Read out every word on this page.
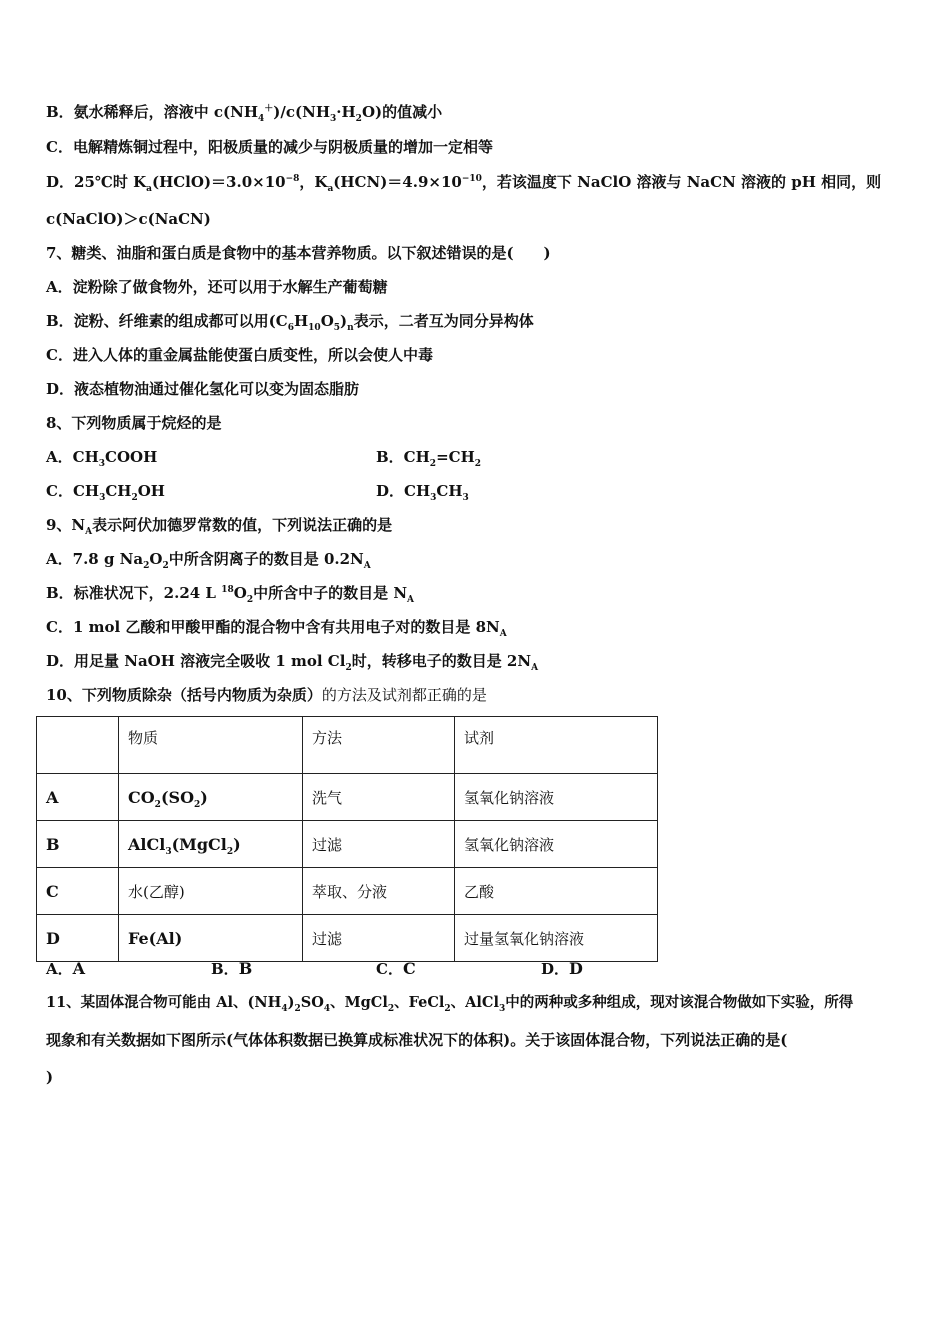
B．氨水稀释后，溶液中 $c(NH_4^+)/c(NH_3\cdot H_2O)$的值减小
C．电解精炼铜过程中，阳极质量的减少与阴极质量的增加一定相等
D．25℃时 $K_a(HClO)=3.0\times 10^{-8}$，$K_a(HCN)=4.9\times 10^{-10}$，若该温度下 NaClO 溶液与 NaCN 溶液的 pH 相同，则
c(NaClO)＞c(NaCN)
7、糖类、油脂和蛋白质是食物中的基本营养物质。以下叙述错误的是(　　)
A．淀粉除了做食物外，还可以用于水解生产葡萄糖
B．淀粉、纤维素的组成都可以用$(C_6H_{10}O_5)_n$表示，二者互为同分异构体
C．进入人体的重金属盐能使蛋白质变性，所以会使人中毒
D．液态植物油通过催化氢化可以变为固态脂肪
8、下列物质属于烷烃的是
A．$CH_3COOH$	B．$CH_2=CH_2$
C．$CH_3CH_2OH$	D．$CH_3CH_3$
9、$N_A$表示阿伏加德罗常数的值，下列说法正确的是
A．7.8 g $Na_2O_2$中所含阴离子的数目是 $0.2N_A$
B．标准状况下，2.24 L $^{18}O_2$中所含中子的数目是 $N_A$
C．1 mol 乙酸和甲酸甲酯的混合物中含有共用电子对的数目是 $8N_A$
D．用足量 NaOH 溶液完全吸收 1 mol $Cl_2$时，转移电子的数目是 $2N_A$
10、下列物质除杂（括号内物质为杂质）的方法及试剂都正确的是
	物质	方法	试剂
A	$CO_2(SO_2)$	洗气	氢氧化钠溶液
B	AlCl$_3$(MgCl$_2$)	过滤	氢氧化钠溶液
C	水(乙醇)	萃取、分液	乙酸
D	Fe(Al)	过滤	过量氢氧化钠溶液
A．A	B．B	C．C	D．D
11、某固体混合物可能由 Al、$(NH_4)_2SO_4$、MgCl$_2$、FeCl$_2$、AlCl$_3$中的两种或多种组成，现对该混合物做如下实验，所得
现象和有关数据如下图所示(气体体积数据已换算成标准状况下的体积)。关于该固体混合物，下列说法正确的是(
)
